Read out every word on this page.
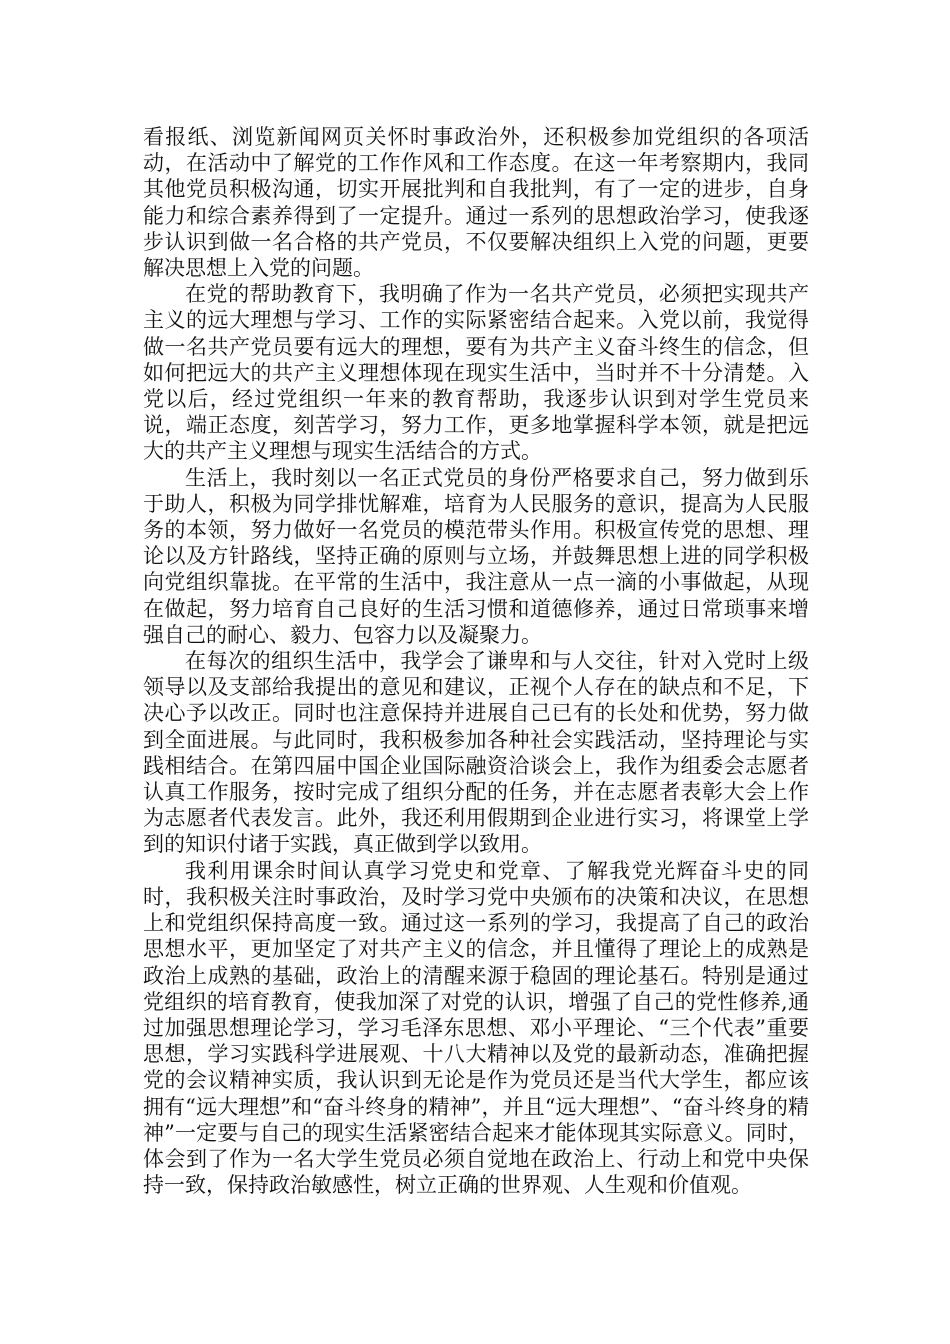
看报纸、浏览新闻网页关怀时事政治外，还积极参加党组织的各项活动，在活动中了解党的工作作风和工作态度。在这一年考察期内，我同其他党员积极沟通，切实开展批判和自我批判，有了一定的进步，自身能力和综合素养得到了一定提升。通过一系列的思想政治学习，使我逐步认识到做一名合格的共产党员，不仅要解决组织上入党的问题，更要解决思想上入党的问题。

在党的帮助教育下，我明确了作为一名共产党员，必须把实现共产主义的远大理想与学习、工作的实际紧密结合起来。入党以前，我觉得做一名共产党员要有远大的理想，要有为共产主义奋斗终生的信念，但如何把远大的共产主义理想体现在现实生活中，当时并不十分清楚。入党以后，经过党组织一年来的教育帮助，我逐步认识到对学生党员来说，端正态度，刻苦学习，努力工作，更多地掌握科学本领，就是把远大的共产主义理想与现实生活结合的方式。

生活上，我时刻以一名正式党员的身份严格要求自己，努力做到乐于助人，积极为同学排忧解难，培育为人民服务的意识，提高为人民服务的本领，努力做好一名党员的模范带头作用。积极宣传党的思想、理论以及方针路线，坚持正确的原则与立场，并鼓舞思想上进的同学积极向党组织靠拢。在平常的生活中，我注意从一点一滴的小事做起，从现在做起，努力培育自己良好的生活习惯和道德修养，通过日常琐事来增强自己的耐心、毅力、包容力以及凝聚力。

在每次的组织生活中，我学会了谦卑和与人交往，针对入党时上级领导以及支部给我提出的意见和建议，正视个人存在的缺点和不足，下决心予以改正。同时也注意保持并进展自己已有的长处和优势，努力做到全面进展。与此同时，我积极参加各种社会实践活动，坚持理论与实践相结合。在第四届中国企业国际融资洽谈会上，我作为组委会志愿者认真工作服务，按时完成了组织分配的任务，并在志愿者表彰大会上作为志愿者代表发言。此外，我还利用假期到企业进行实习，将课堂上学到的知识付诸于实践，真正做到学以致用。

我利用课余时间认真学习党史和党章、了解我党光辉奋斗史的同时，我积极关注时事政治，及时学习党中央颁布的决策和决议，在思想上和党组织保持高度一致。通过这一系列的学习，我提高了自己的政治思想水平，更加坚定了对共产主义的信念，并且懂得了理论上的成熟是政治上成熟的基础，政治上的清醒来源于稳固的理论基石。特别是通过党组织的培育教育，使我加深了对党的认识，增强了自己的党性修养,通过加强思想理论学习，学习毛泽东思想、邓小平理论、“三个代表”重要思想，学习实践科学进展观、十八大精神以及党的最新动态，准确把握党的会议精神实质，我认识到无论是作为党员还是当代大学生，都应该拥有“远大理想”和“奋斗终身的精神”，并且“远大理想”、“奋斗终身的精神”一定要与自己的现实生活紧密结合起来才能体现其实际意义。同时，体会到了作为一名大学生党员必须自觉地在政治上、行动上和党中央保持一致，保持政治敏感性，树立正确的世界观、人生观和价值观。
